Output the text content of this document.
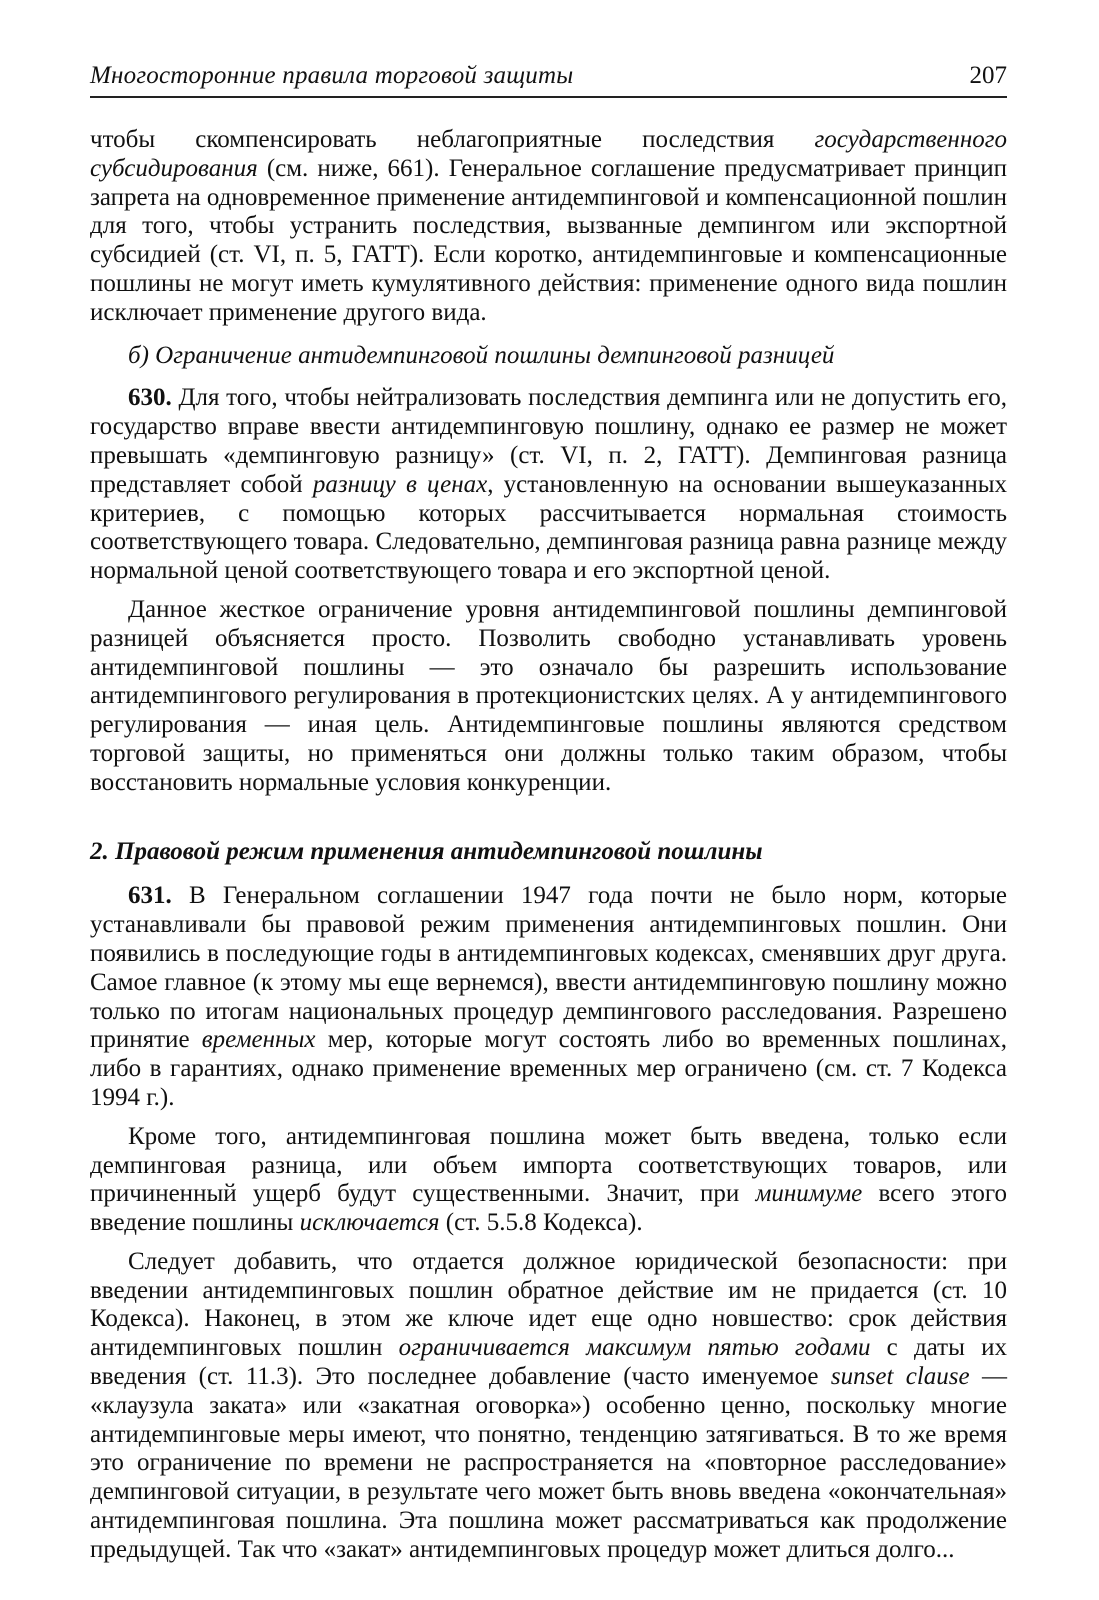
Многосторонние правила торговой защиты	207

чтобы скомпенсировать неблагоприятные последствия государственного субсидирования (см. ниже, 661). Генеральное соглашение предусматривает принцип запрета на одновременное применение антидемпинговой и компенсационной пошлин для того, чтобы устранить последствия, вызванные демпингом или экспортной субсидией (ст. VI, п. 5, ГАТТ). Если коротко, антидемпинговые и компенсационные пошлины не могут иметь кумулятивного действия: применение одного вида пошлин исключает применение другого вида.

б) Ограничение антидемпинговой пошлины демпинговой разницей

630. Для того, чтобы нейтрализовать последствия демпинга или не допустить его, государство вправе ввести антидемпинговую пошлину, однако ее размер не может превышать «демпинговую разницу» (ст. VI, п. 2, ГАТТ). Демпинговая разница представляет собой разницу в ценах, установленную на основании вышеуказанных критериев, с помощью которых рассчитывается нормальная стоимость соответствующего товара. Следовательно, демпинговая разница равна разнице между нормальной ценой соответствующего товара и его экспортной ценой.

Данное жесткое ограничение уровня антидемпинговой пошлины демпинговой разницей объясняется просто. Позволить свободно устанавливать уровень антидемпинговой пошлины — это означало бы разрешить использование антидемпингового регулирования в протекционистских целях. А у антидемпингового регулирования — иная цель. Антидемпинговые пошлины являются средством торговой защиты, но применяться они должны только таким образом, чтобы восстановить нормальные условия конкуренции.

2. Правовой режим применения антидемпинговой пошлины

631. В Генеральном соглашении 1947 года почти не было норм, которые устанавливали бы правовой режим применения антидемпинговых пошлин. Они появились в последующие годы в антидемпинговых кодексах, сменявших друг друга. Самое главное (к этому мы еще вернемся), ввести антидемпинговую пошлину можно только по итогам национальных процедур демпингового расследования. Разрешено принятие временных мер, которые могут состоять либо во временных пошлинах, либо в гарантиях, однако применение временных мер ограничено (см. ст. 7 Кодекса 1994 г.).

Кроме того, антидемпинговая пошлина может быть введена, только если демпинговая разница, или объем импорта соответствующих товаров, или причиненный ущерб будут существенными. Значит, при минимуме всего этого введение пошлины исключается (ст. 5.5.8 Кодекса).

Следует добавить, что отдается должное юридической безопасности: при введении антидемпинговых пошлин обратное действие им не придается (ст. 10 Кодекса). Наконец, в этом же ключе идет еще одно новшество: срок действия антидемпинговых пошлин ограничивается максимум пятью годами с даты их введения (ст. 11.3). Это последнее добавление (часто именуемое sunset clause — «клаузула заката» или «закатная оговорка») особенно ценно, поскольку многие антидемпинговые меры имеют, что понятно, тенденцию затягиваться. В то же время это ограничение по времени не распространяется на «повторное расследование» демпинговой ситуации, в результате чего может быть вновь введена «окончательная» антидемпинговая пошлина. Эта пошлина может рассматриваться как продолжение предыдущей. Так что «закат» антидемпинговых процедур может длиться долго...
